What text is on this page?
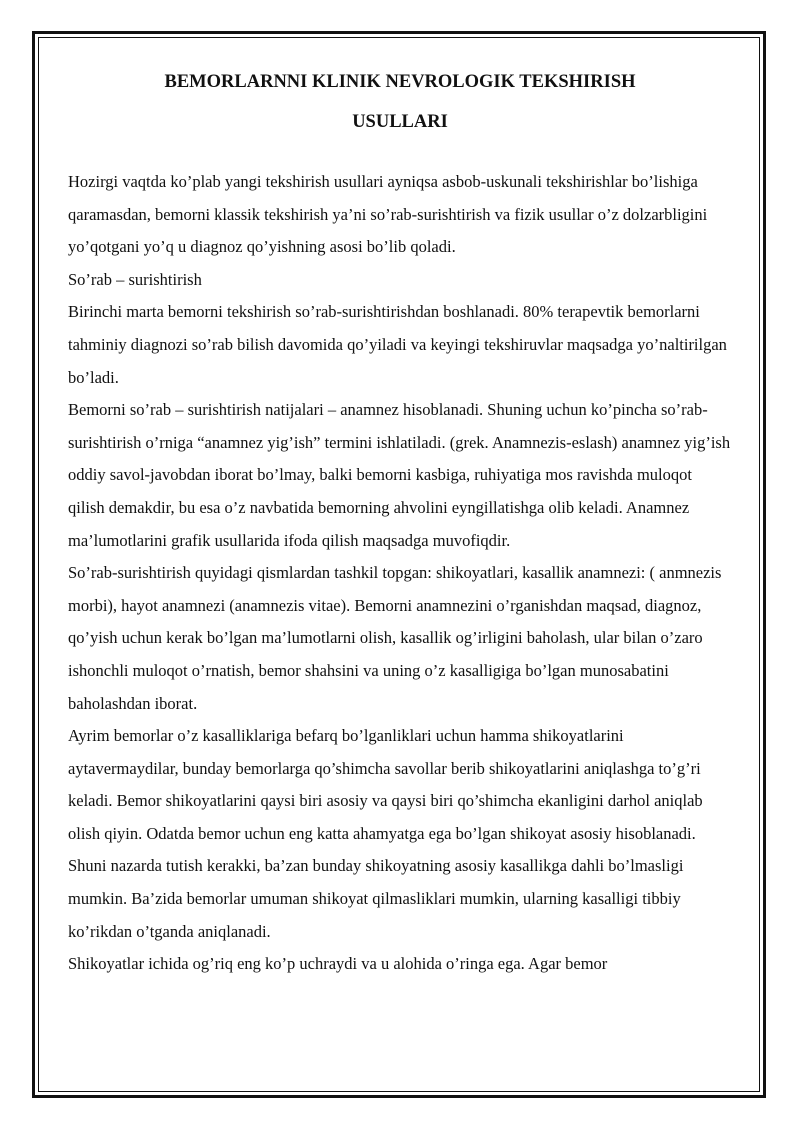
BEMORLARNNI KLINIK NEVROLOGIK TEKSHIRISH
USULLARI

Hozirgi vaqtda ko’plab yangi tekshirish usullari ayniqsa asbob-uskunali tekshirishlar bo’lishiga qaramasdan, bemorni klassik tekshirish ya’ni so’rab-surishtirish va fizik usullar o’z dolzarbligini yo’qotgani yo’q u diagnoz qo’yishning asosi bo’lib qoladi.

So’rab – surishtirish

Birinchi marta bemorni tekshirish so’rab-surishtirishdan boshlanadi. 80% terapevtik bemorlarni tahminiy diagnozi so’rab bilish davomida qo’yiladi va keyingi tekshiruvlar maqsadga yo’naltirilgan bo’ladi.

Bemorni so’rab – surishtirish natijalari – anamnez hisoblanadi. Shuning uchun ko’pincha so’rab-surishtirish o’rniga “anamnez yig’ish” termini ishlatiladi. (grek. Anamnezis-eslash) anamnez yig’ish oddiy savol-javobdan iborat bo’lmay, balki bemorni kasbiga, ruhiyatiga mos ravishda muloqot qilish demakdir, bu esa o’z navbatida bemorning ahvolini eyngillatishga olib keladi. Anamnez ma’lumotlarini grafik usullarida ifoda qilish maqsadga muvofiqdir.

So’rab-surishtirish quyidagi qismlardan tashkil topgan: shikoyatlari, kasallik anamnezi: ( anmnezis morbi), hayot anamnezi (anamnezis vitae). Bemorni anamnezini o’rganishdan maqsad, diagnoz, qo’yish uchun kerak bo’lgan ma’lumotlarni olish, kasallik og’irligini baholash, ular bilan o’zaro ishonchli muloqot o’rnatish, bemor shahsini va uning o’z kasalligiga bo’lgan munosabatini baholashdan iborat.

Ayrim bemorlar o’z kasalliklariga befarq bo’lganliklari uchun hamma shikoyatlarini aytavermaydilar, bunday bemorlarga qo’shimcha savollar berib shikoyatlarini aniqlashga to’g’ri keladi. Bemor shikoyatlarini qaysi biri asosiy va qaysi biri qo’shimcha ekanligini darhol aniqlab olish qiyin. Odatda bemor uchun eng katta ahamyatga ega bo’lgan shikoyat asosiy hisoblanadi. Shuni nazarda tutish kerakki, ba’zan bunday shikoyatning asosiy kasallikga dahli bo’lmasligi mumkin. Ba’zida bemorlar umuman shikoyat qilmasliklari mumkin, ularning kasalligi tibbiy ko’rikdan o’tganda aniqlanadi.

Shikoyatlar ichida og’riq eng ko’p uchraydi va u alohida o’ringa ega. Agar bemor
